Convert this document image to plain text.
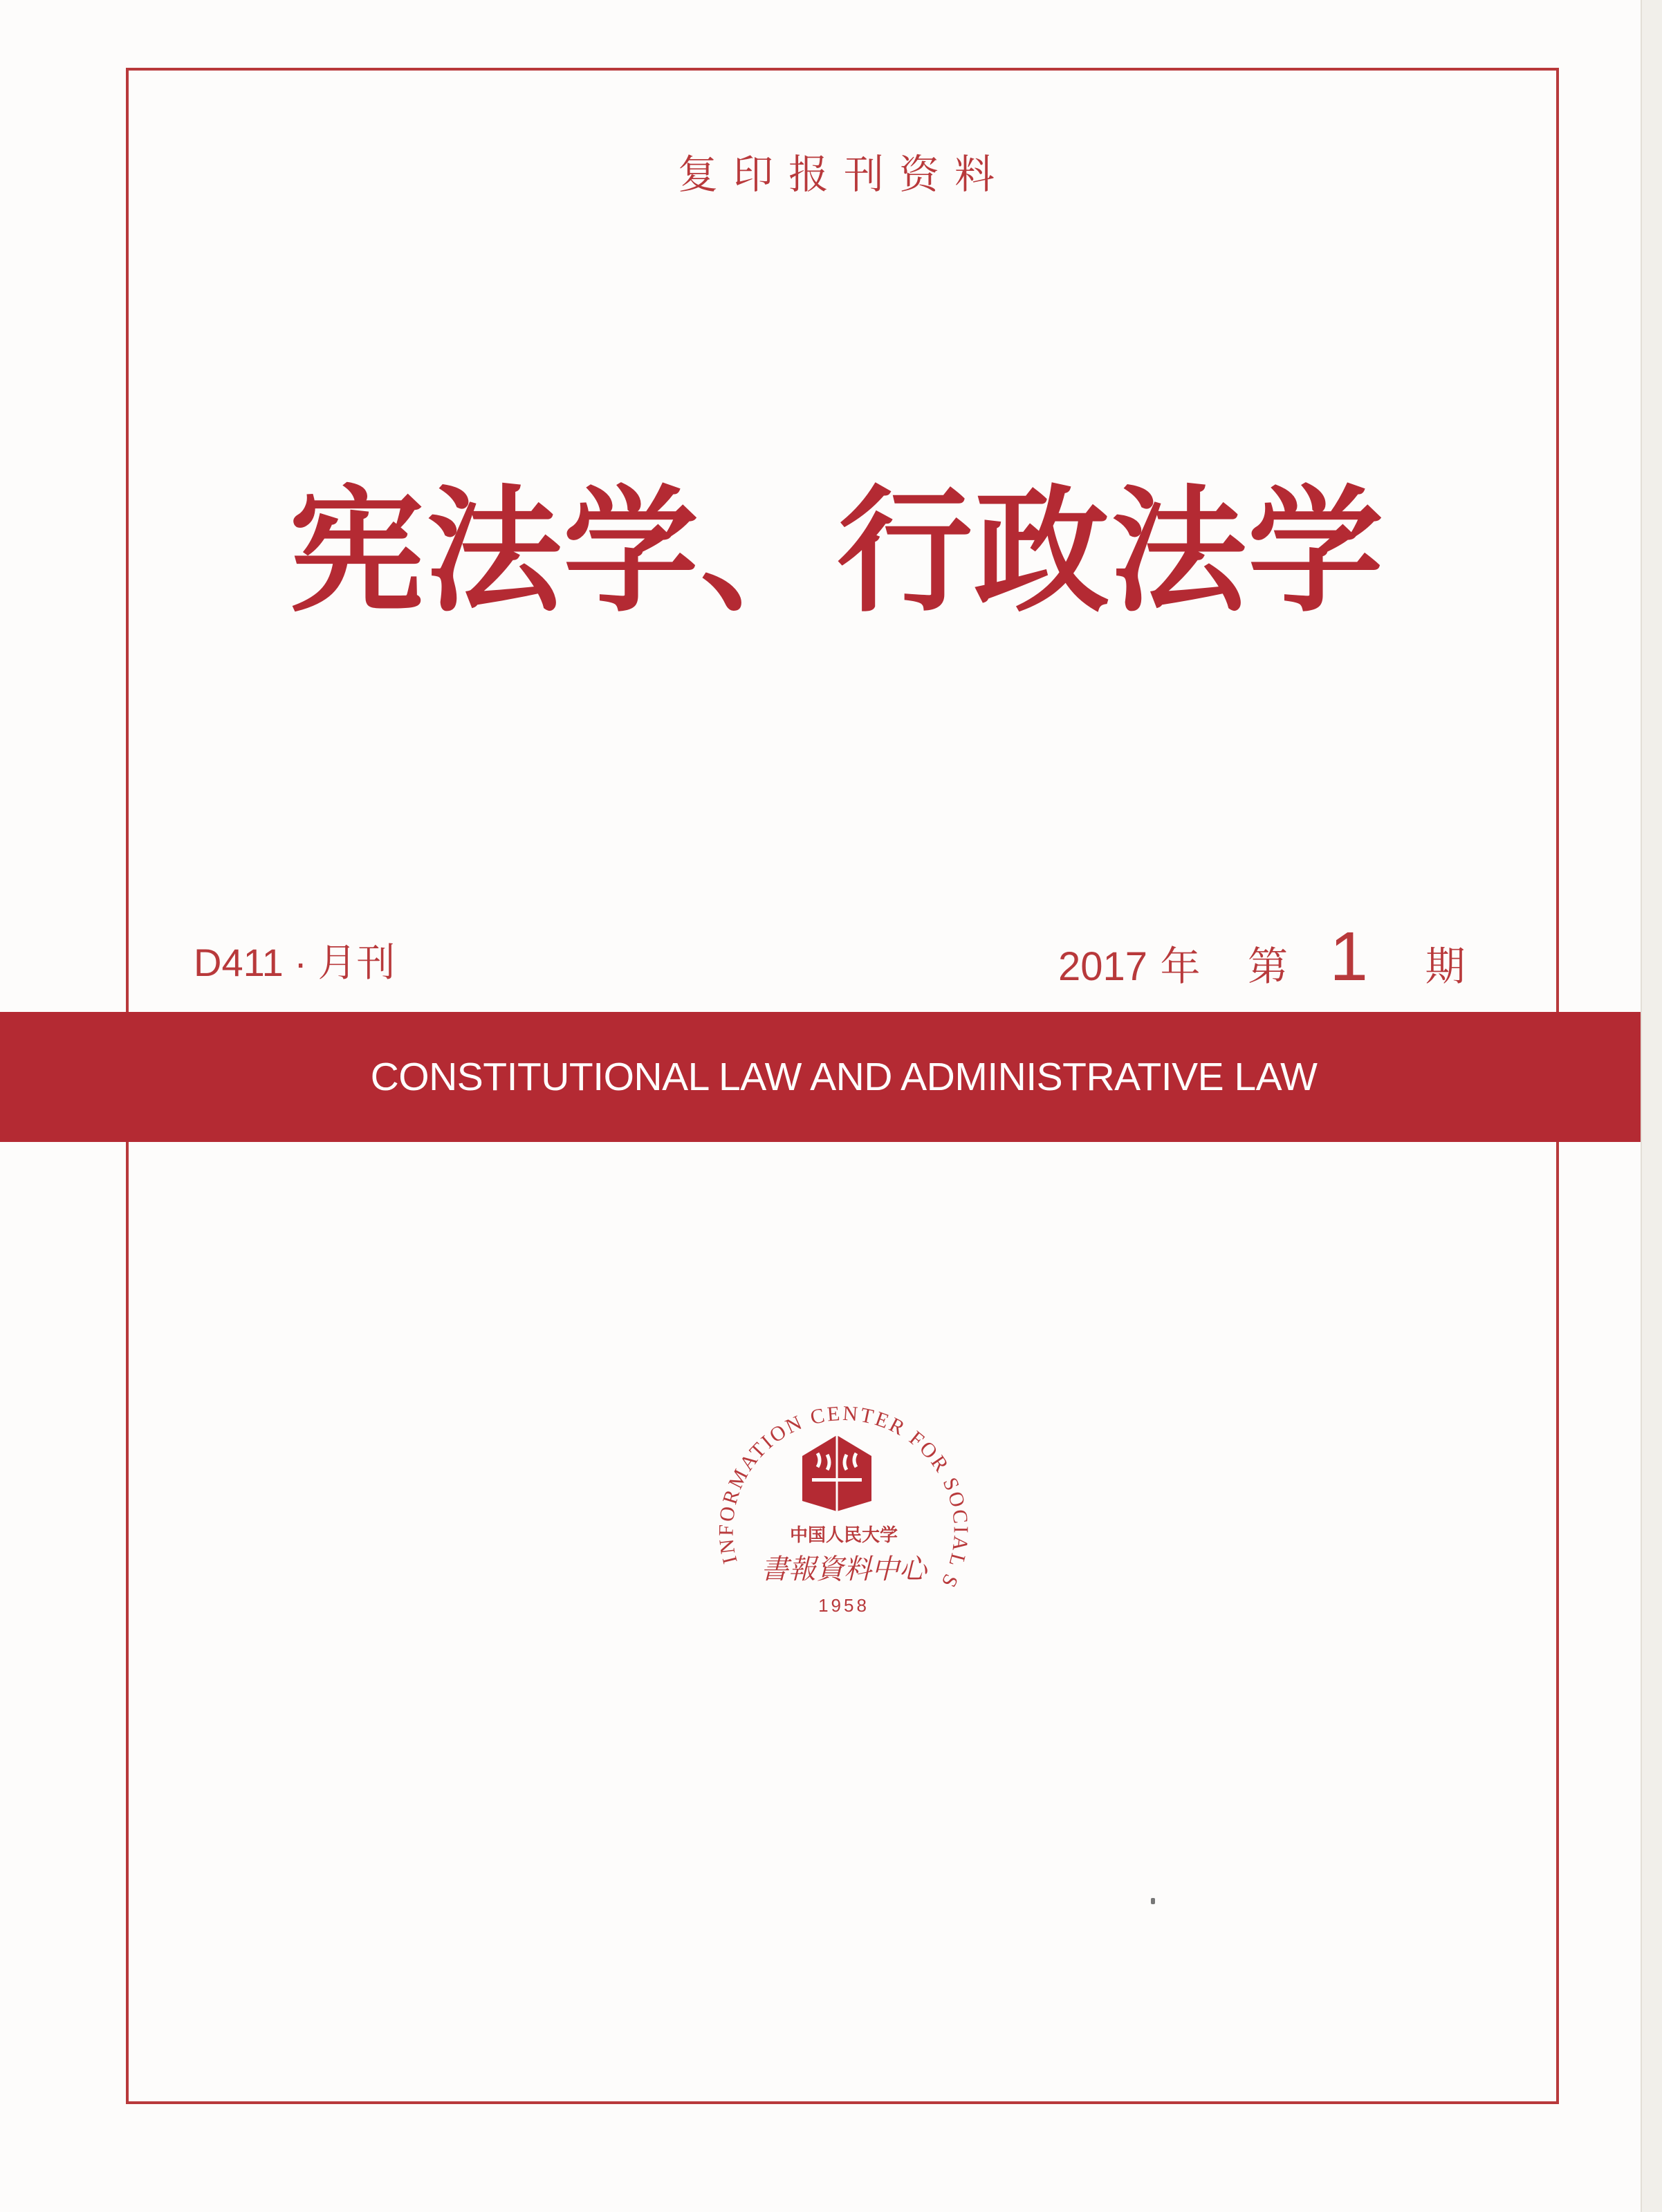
复印报刊资料
宪法学、行政法学
D411 · 月刊	2017 年 第 1 期
CONSTITUTIONAL LAW AND ADMINISTRATIVE LAW
INFORMATION CENTER FOR SOCIAL S
中国人民大学
書報資料中心
1958
